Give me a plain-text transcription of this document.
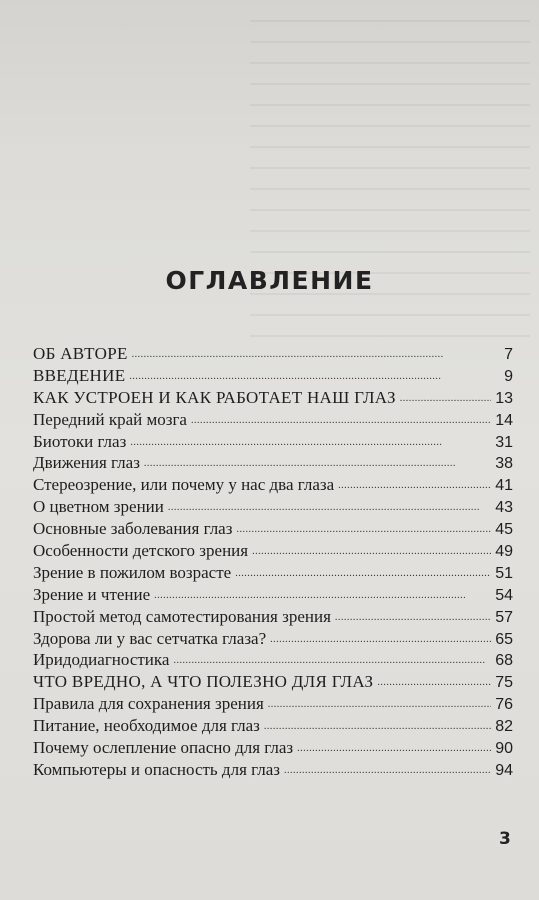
ОГЛАВЛЕНИЕ
ОБ АВТОРЕ . . .	7
ВВЕДЕНИЕ . . .	9
КАК УСТРОЕН И КАК РАБОТАЕТ НАШ ГЛАЗ . . .	13
Передний край мозга . . .	14
Биотоки глаз . . .	31
Движения глаз . . .	38
Стереозрение, или почему у нас два глаза . . .	41
О цветном зрении . . .	43
Основные заболевания глаз . . .	45
Особенности детского зрения . . .	49
Зрение в пожилом возрасте . . .	51
Зрение и чтение . . .	54
Простой метод самотестирования зрения . . .	57
Здорова ли у вас сетчатка глаза? . . .	65
Иридодиагностика . . .	68
ЧТО ВРЕДНО, А ЧТО ПОЛЕЗНО ДЛЯ ГЛАЗ . . .	75
Правила для сохранения зрения . . .	76
Питание, необходимое для глаз . . .	82
Почему ослепление опасно для глаз . . .	90
Компьютеры и опасность для глаз . . .	94
3
